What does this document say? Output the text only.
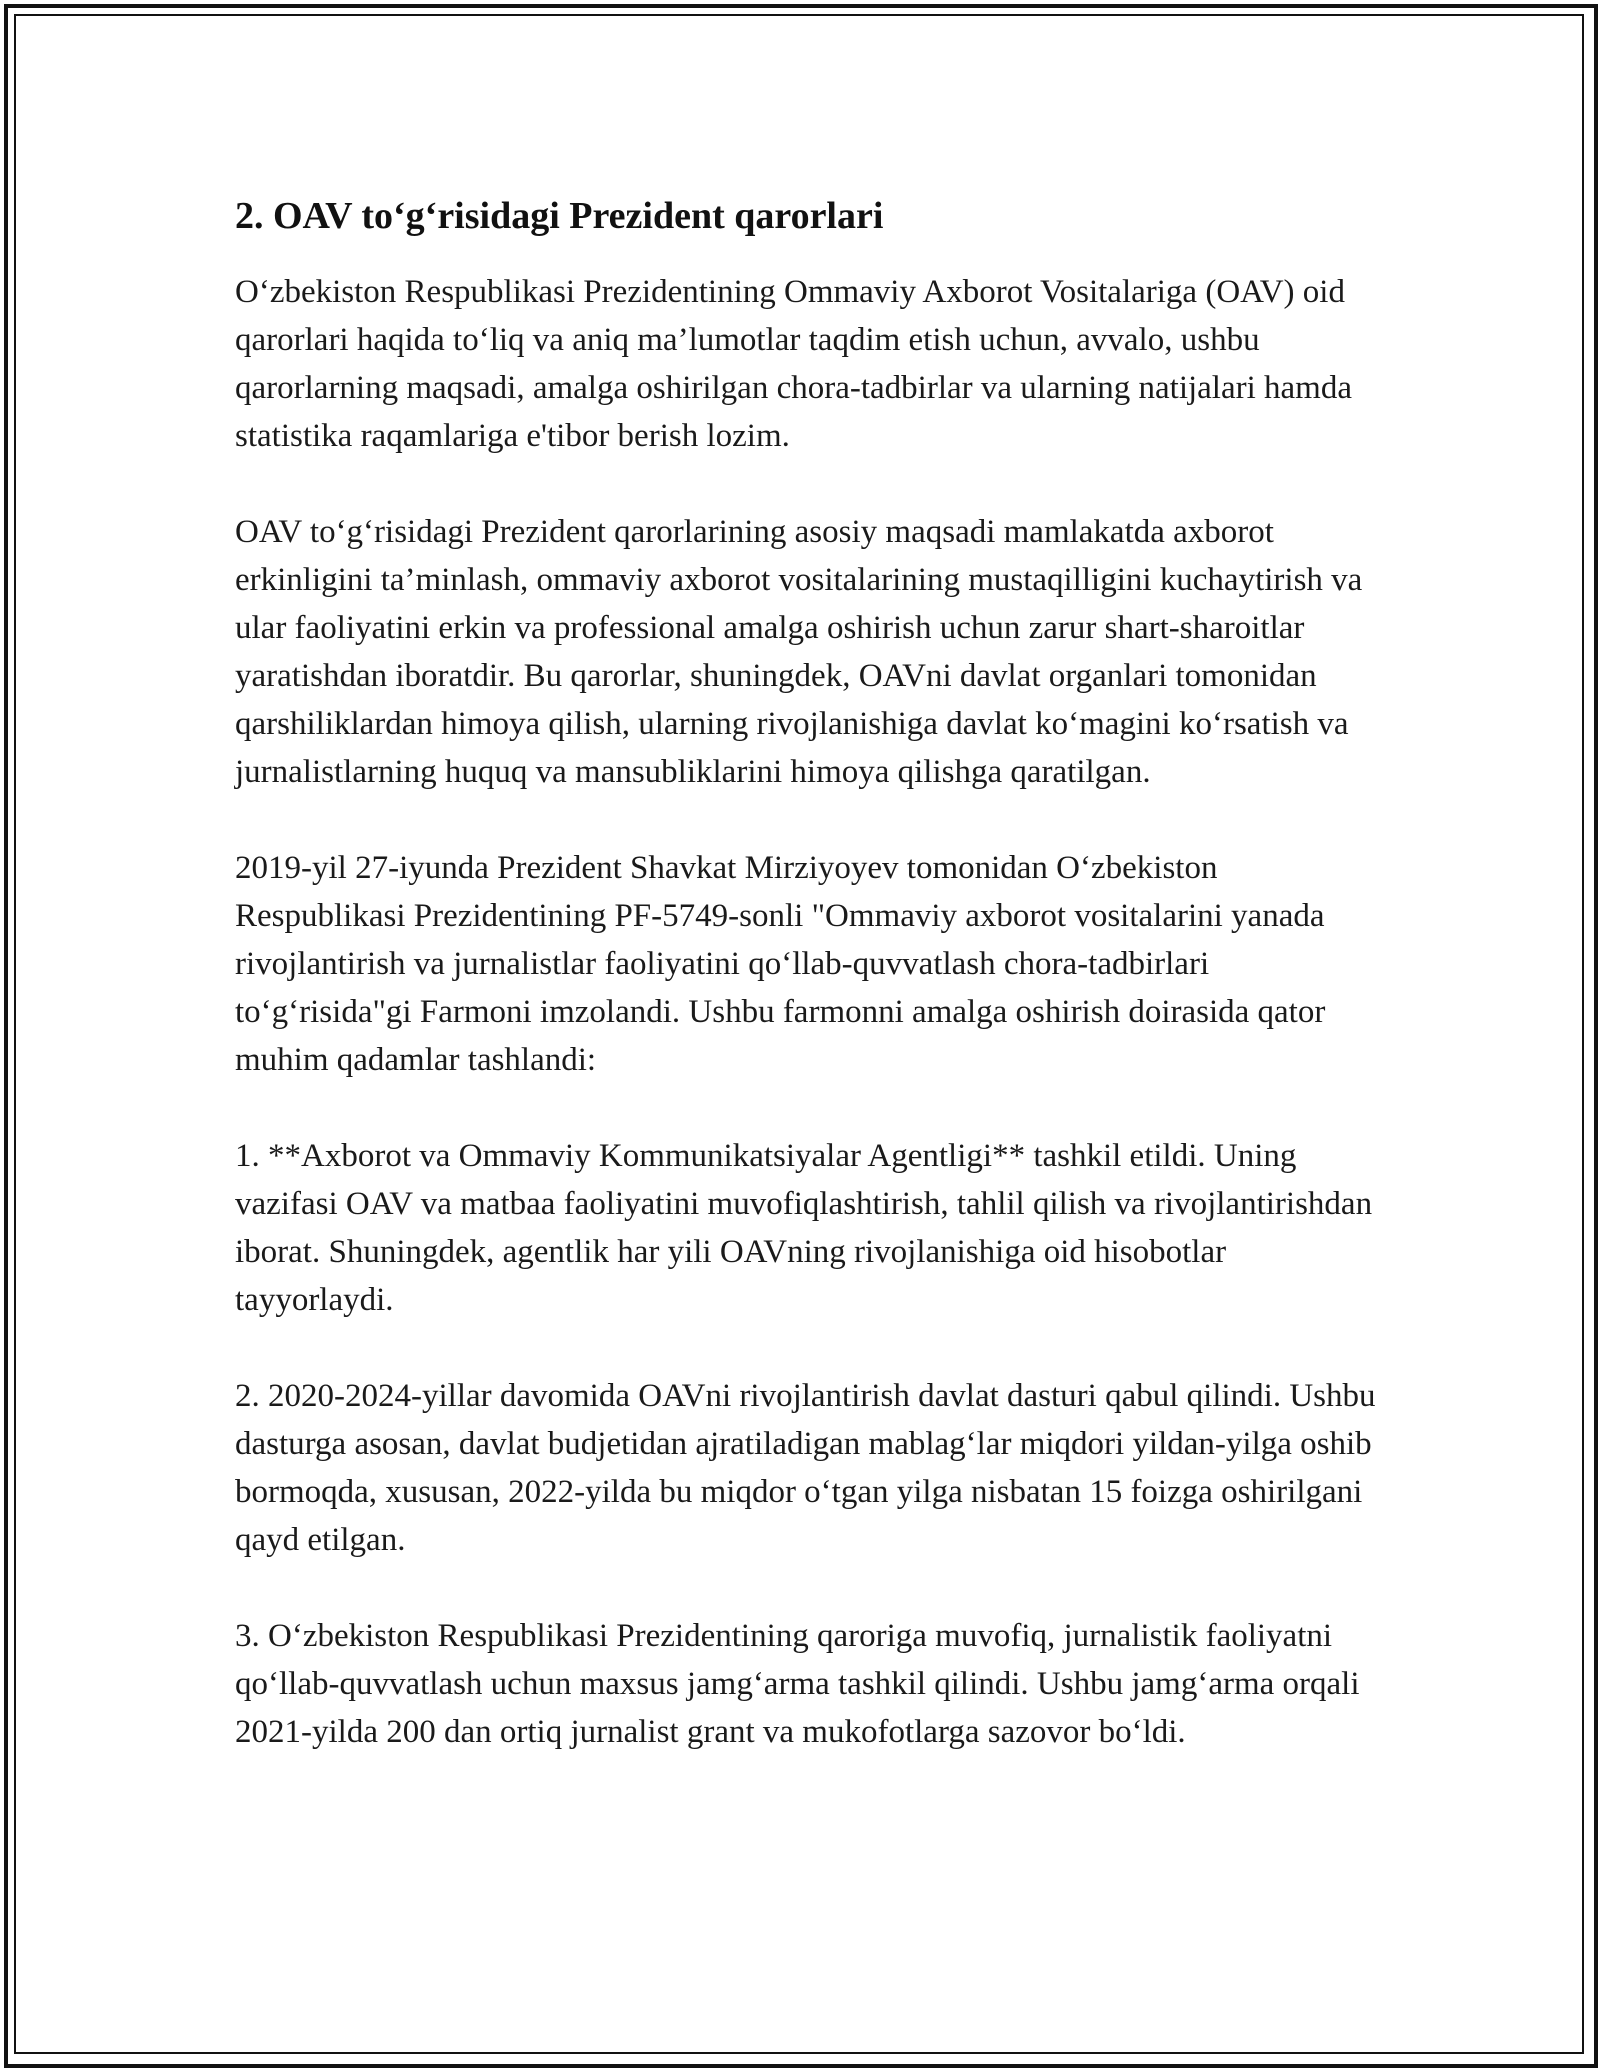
2. OAV to‘g‘risidagi Prezident qarorlari

O‘zbekiston Respublikasi Prezidentining Ommaviy Axborot Vositalariga (OAV) oid qarorlari haqida to‘liq va aniq ma’lumotlar taqdim etish uchun, avvalo, ushbu qarorlarning maqsadi, amalga oshirilgan chora-tadbirlar va ularning natijalari hamda statistika raqamlariga e'tibor berish lozim.

OAV to‘g‘risidagi Prezident qarorlarining asosiy maqsadi mamlakatda axborot erkinligini ta’minlash, ommaviy axborot vositalarining mustaqilligini kuchaytirish va ular faoliyatini erkin va professional amalga oshirish uchun zarur shart-sharoitlar yaratishdan iboratdir. Bu qarorlar, shuningdek, OAVni davlat organlari tomonidan qarshiliklardan himoya qilish, ularning rivojlanishiga davlat ko‘magini ko‘rsatish va jurnalistlarning huquq va mansubliklarini himoya qilishga qaratilgan.

2019-yil 27-iyunda Prezident Shavkat Mirziyoyev tomonidan O‘zbekiston Respublikasi Prezidentining PF-5749-sonli "Ommaviy axborot vositalarini yanada rivojlantirish va jurnalistlar faoliyatini qo‘llab-quvvatlash chora-tadbirlari to‘g‘risida"gi Farmoni imzolandi. Ushbu farmonni amalga oshirish doirasida qator muhim qadamlar tashlandi:

1. **Axborot va Ommaviy Kommunikatsiyalar Agentligi** tashkil etildi. Uning vazifasi OAV va matbaa faoliyatini muvofiqlashtirish, tahlil qilish va rivojlantirishdan iborat. Shuningdek, agentlik har yili OAVning rivojlanishiga oid hisobotlar tayyorlaydi.

2. 2020-2024-yillar davomida OAVni rivojlantirish davlat dasturi qabul qilindi. Ushbu dasturga asosan, davlat budjetidan ajratiladigan mablag‘lar miqdori yildan-yilga oshib bormoqda, xususan, 2022-yilda bu miqdor o‘tgan yilga nisbatan 15 foizga oshirilgani qayd etilgan.

3. O‘zbekiston Respublikasi Prezidentining qaroriga muvofiq, jurnalistik faoliyatni qo‘llab-quvvatlash uchun maxsus jamg‘arma tashkil qilindi. Ushbu jamg‘arma orqali 2021-yilda 200 dan ortiq jurnalist grant va mukofotlarga sazovor bo‘ldi.
